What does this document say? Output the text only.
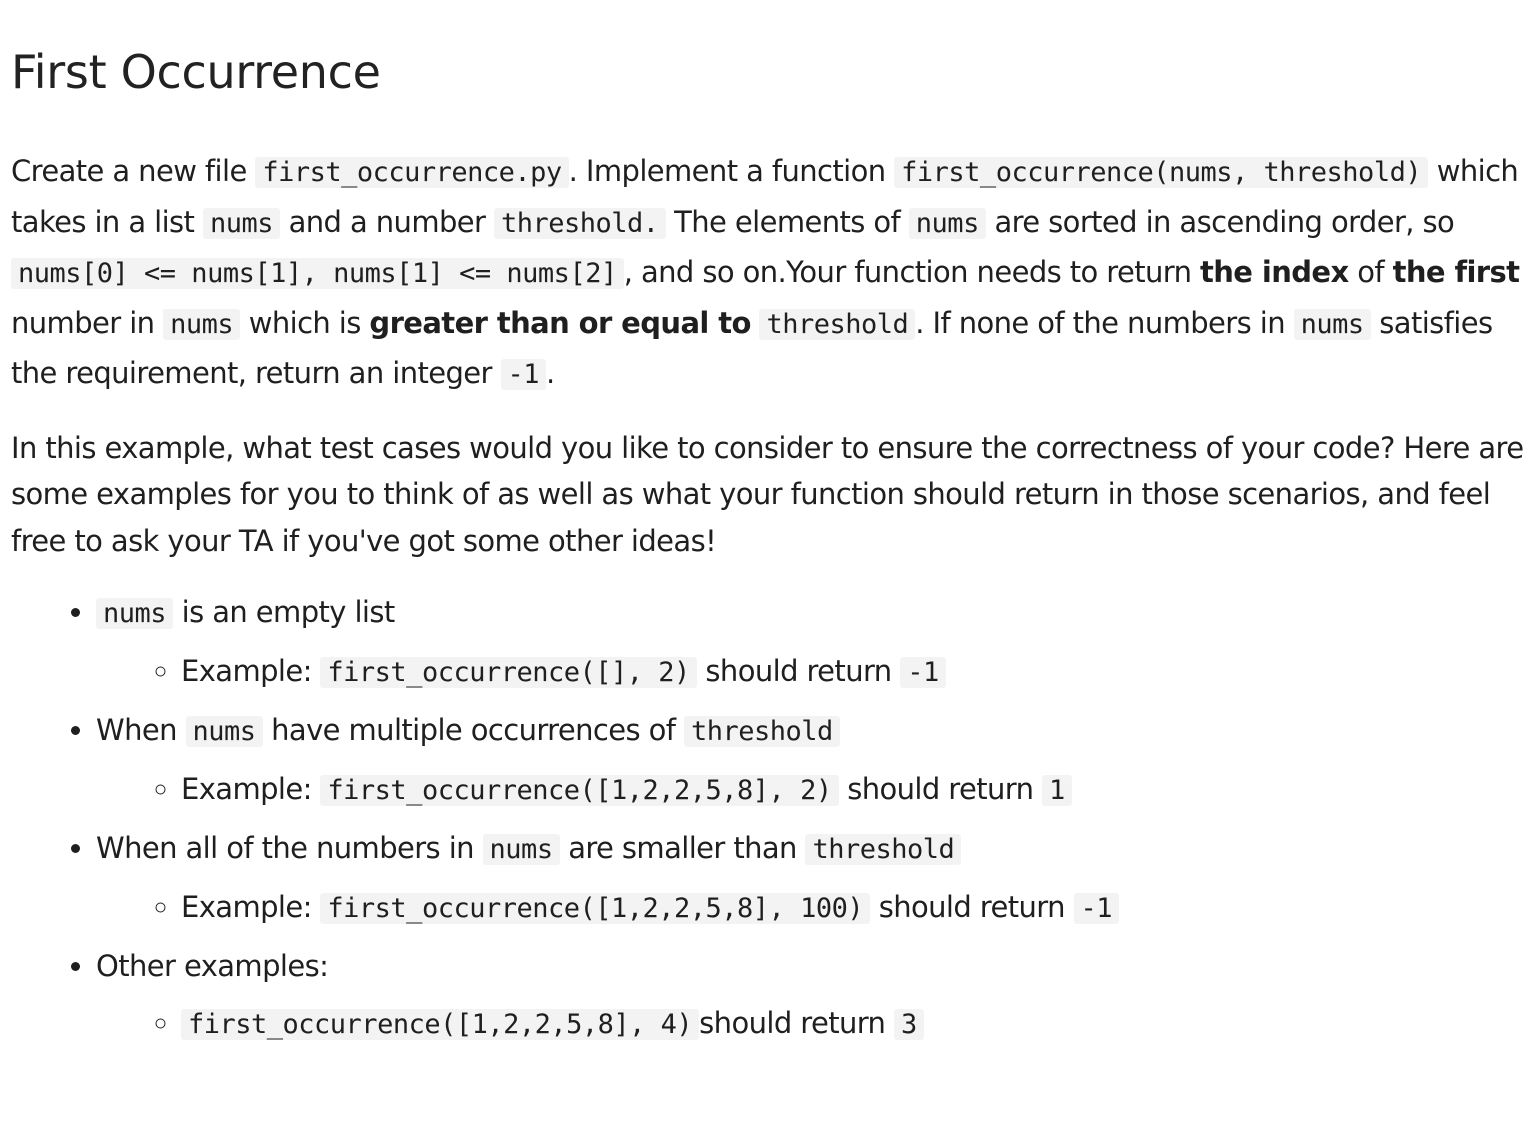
First Occurrence

Create a new file first_occurrence.py . Implement a function first_occurrence(nums, threshold) which takes in a list nums and a number threshold. The elements of nums are sorted in ascending order, so nums[0] <= nums[1], nums[1] <= nums[2] , and so on.Your function needs to return the index of the first number in nums which is greater than or equal to threshold . If none of the numbers in nums satisfies the requirement, return an integer -1 .

In this example, what test cases would you like to consider to ensure the correctness of your code? Here are some examples for you to think of as well as what your function should return in those scenarios, and feel free to ask your TA if you've got some other ideas!

• nums is an empty list
◦ Example: first_occurrence([], 2) should return -1
• When nums have multiple occurrences of threshold
◦ Example: first_occurrence([1,2,2,5,8], 2) should return 1
• When all of the numbers in nums are smaller than threshold
◦ Example: first_occurrence([1,2,2,5,8], 100) should return -1
• Other examples:
◦ first_occurrence([1,2,2,5,8], 4) should return 3
